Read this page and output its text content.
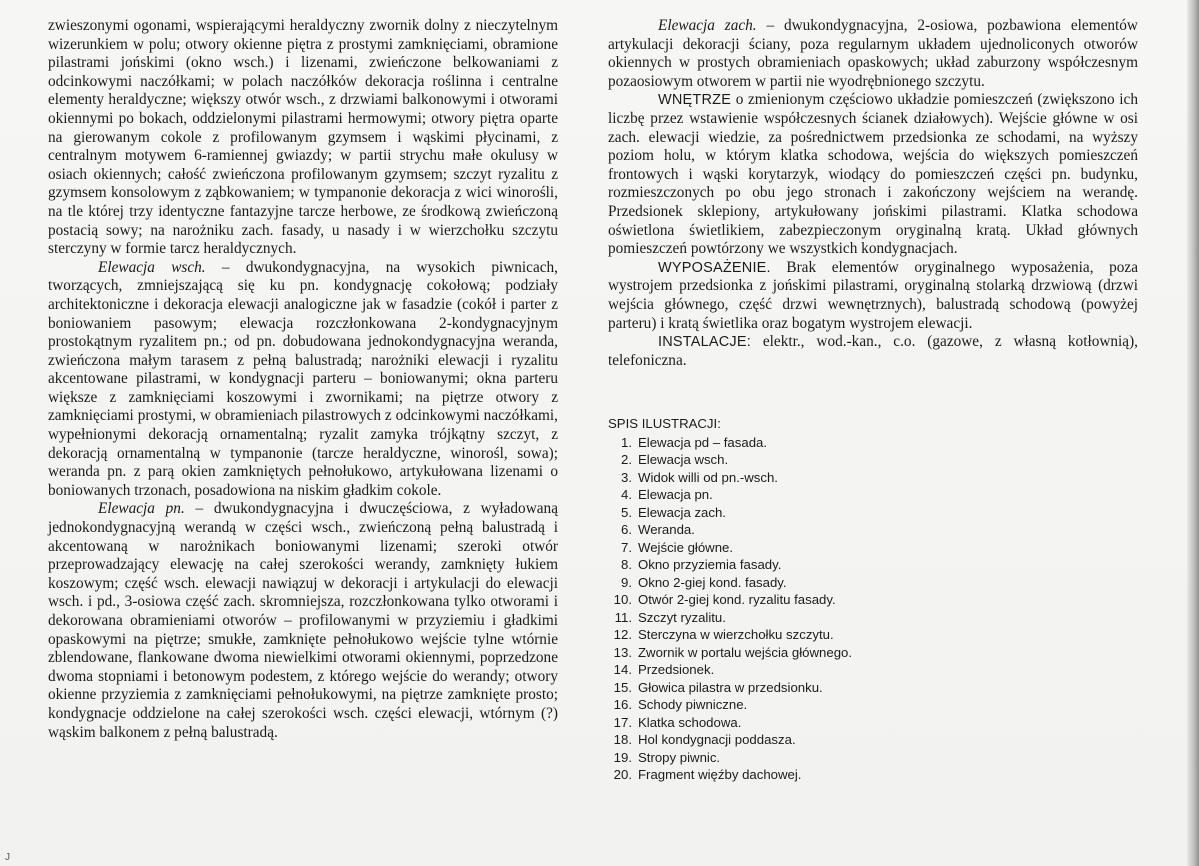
zwieszonymi ogonami, wspierającymi heraldyczny zwornik dolny z nieczytelnym wizerunkiem w polu; otwory okienne piętra z prostymi zamknięciami, obramione pilastrami jońskimi (okno wsch.) i lizenami, zwieńczone belkowaniami z odcinkowymi naczółkami; w polach naczółków dekoracja roślinna i centralne elementy heraldyczne; większy otwór wsch., z drzwiami balkonowymi i otworami okiennymi po bokach, oddzielonymi pilastrami hermowymi; otwory piętra oparte na gierowanym cokole z profilowanym gzymsem i wąskimi płycinami, z centralnym motywem 6-ramiennej gwiazdy; w partii strychu małe okulusy w osiach okiennych; całość zwieńczona profilowanym gzymsem; szczyt ryzalitu z gzymsem konsolowym z ząbkowaniem; w tympanonie dekoracja z wici winorośli, na tle której trzy identyczne fantazyjne tarcze herbowe, ze środkową zwieńczoną postacią sowy; na narożniku zach. fasady, u nasady i w wierzchołku szczytu sterczyny w formie tarcz heraldycznych.

Elewacja wsch. – dwukondygnacyjna, na wysokich piwnicach, tworzących, zmniejszającą się ku pn. kondygnację cokołową; podziały architektoniczne i dekoracja elewacji analogiczne jak w fasadzie (cokół i parter z boniowaniem pasowym; elewacja rozczłonkowana 2-kondygnacyjnym prostokątnym ryzalitem pn.; od pn. dobudowana jednokondygnacyjna weranda, zwieńczona małym tarasem z pełną balustradą; narożniki elewacji i ryzalitu akcentowane pilastrami, w kondygnacji parteru – boniowanymi; okna parteru większe z zamknięciami koszowymi i zwornikami; na piętrze otwory z zamknięciami prostymi, w obramieniach pilastrowych z odcinkowymi naczółkami, wypełnionymi dekoracją ornamentalną; ryzalit zamyka trójkątny szczyt, z dekoracją ornamentalną w tympanonie (tarcze heraldyczne, winorośl, sowa); weranda pn. z parą okien zamkniętych pełnołukowo, artykułowana lizenami o boniowanych trzonach, posadowiona na niskim gładkim cokole.

Elewacja pn. – dwukondygnacyjna i dwuczęściowa, z wyładowaną jednokondygnacyjną werandą w części wsch., zwieńczoną pełną balustradą i akcentowaną w narożnikach boniowanymi lizenami; szeroki otwór przeprowadzający elewację na całej szerokości werandy, zamknięty łukiem koszowym; część wsch. elewacji nawiązuj w dekoracji i artykulacji do elewacji wsch. i pd., 3-osiowa część zach. skromniejsza, rozczłonkowana tylko otworami i dekorowana obramieniami otworów – profilowanymi w przyziemiu i gładkimi opaskowymi na piętrze; smukłe, zamknięte pełnołukowo wejście tylne wtórnie zblendowane, flankowane dwoma niewielkimi otworami okiennymi, poprzedzone dwoma stopniami i betonowym podestem, z którego wejście do werandy; otwory okienne przyziemia z zamknięciami pełnołukowymi, na piętrze zamknięte prosto; kondygnacje oddzielone na całej szerokości wsch. części elewacji, wtórnym (?) wąskim balkonem z pełną balustradą.

Elewacja zach. – dwukondygnacyjna, 2-osiowa, pozbawiona elementów artykulacji dekoracji ściany, poza regularnym układem ujednoliconych otworów okiennych w prostych obramieniach opaskowych; układ zaburzony współczesnym pozaosiowym otworem w partii nie wyodrębnionego szczytu.

WNĘTRZE o zmienionym częściowo układzie pomieszczeń (zwiększono ich liczbę przez wstawienie współczesnych ścianek działowych). Wejście główne w osi zach. elewacji wiedzie, za pośrednictwem przedsionka ze schodami, na wyższy poziom holu, w którym klatka schodowa, wejścia do większych pomieszczeń frontowych i wąski korytarzyk, wiodący do pomieszczeń części pn. budynku, rozmieszczonych po obu jego stronach i zakończony wejściem na werandę. Przedsionek sklepiony, artykułowany jońskimi pilastrami. Klatka schodowa oświetlona świetlikiem, zabezpieczonym oryginalną kratą. Układ głównych pomieszczeń powtórzony we wszystkich kondygnacjach.

WYPOSAŻENIE. Brak elementów oryginalnego wyposażenia, poza wystrojem przedsionka z jońskimi pilastrami, oryginalną stolarką drzwiową (drzwi wejścia głównego, część drzwi wewnętrznych), balustradą schodową (powyżej parteru) i kratą świetlika oraz bogatym wystrojem elewacji.

INSTALACJE: elektr., wod.-kan., c.o. (gazowe, z własną kotłownią), telefoniczna.

SPIS ILUSTRACJI:
1. Elewacja pd – fasada.
2. Elewacja wsch.
3. Widok willi od pn.-wsch.
4. Elewacja pn.
5. Elewacja zach.
6. Weranda.
7. Wejście główne.
8. Okno przyziemia fasady.
9. Okno 2-giej kond. fasady.
10. Otwór 2-giej kond. ryzalitu fasady.
11. Szczyt ryzalitu.
12. Sterczyna w wierzchołku szczytu.
13. Zwornik w portalu wejścia głównego.
14. Przedsionek.
15. Głowica pilastra w przedsionku.
16. Schody piwniczne.
17. Klatka schodowa.
18. Hol kondygnacji poddasza.
19. Stropy piwnic.
20. Fragment więźby dachowej.
J
